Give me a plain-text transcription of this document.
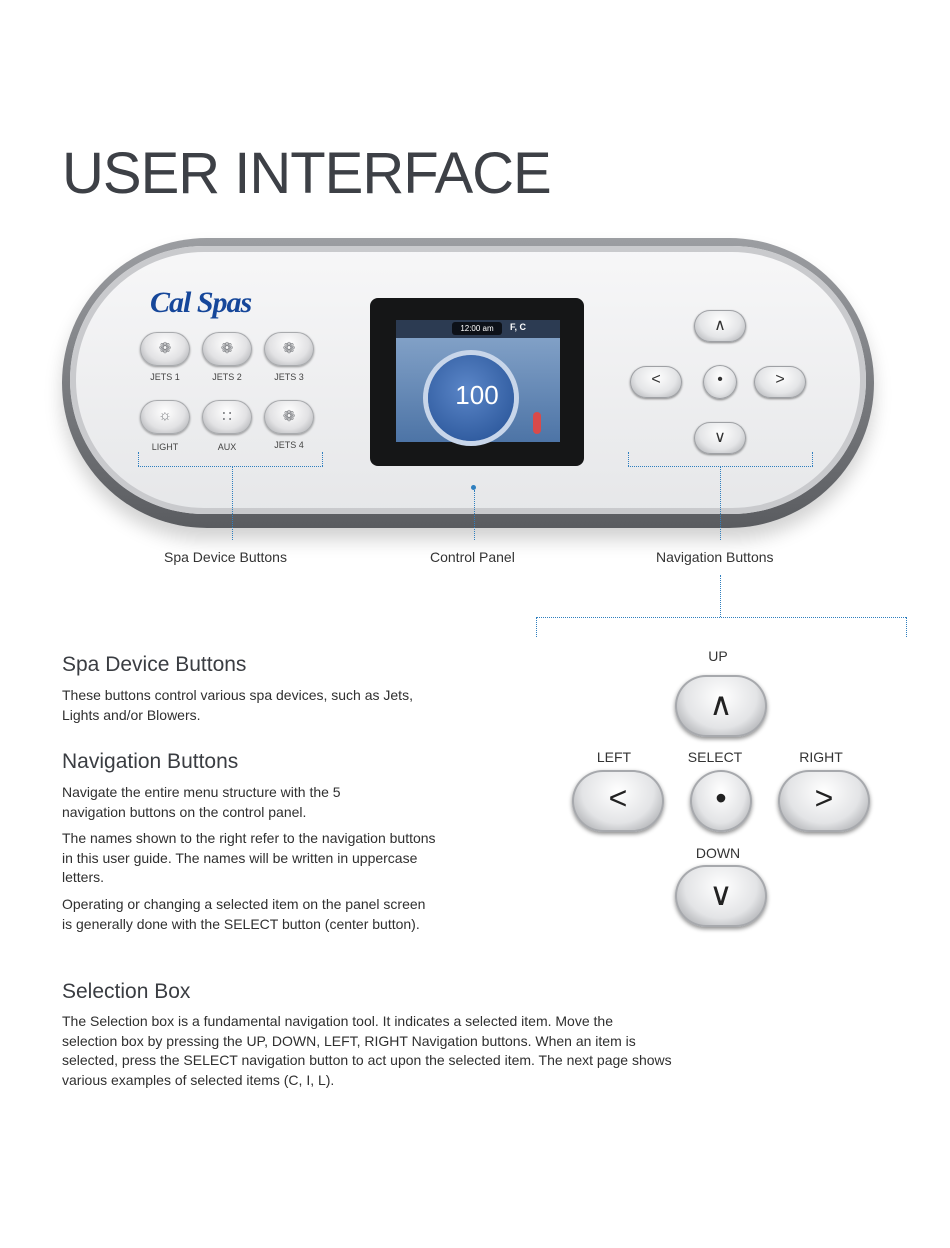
USER INTERFACE
Cal Spas
❁
JETS 1
❁
JETS 2
❁
JETS 3
☼
LIGHT
∷
AUX
❁
JETS 4
12:00 am	F, C
100
∧
<	•	>
∨
Spa Device Buttons	Control Panel	Navigation Buttons
UP
∧
LEFT	SELECT	RIGHT
<	•	>
DOWN
∨
Spa Device Buttons
These buttons control various spa devices, such as Jets, Lights and/or Blowers.
Navigation Buttons
Navigate the entire menu structure with the 5 navigation buttons on the control panel.
The names shown to the right refer to the navigation buttons in this user guide. The names will be written in uppercase letters.
Operating or changing a selected item on the panel screen is generally done with the SELECT button (center button).
Selection Box
The Selection box is a fundamental navigation tool. It indicates a selected item. Move the selection box by pressing the UP, DOWN, LEFT, RIGHT Navigation buttons. When an item is selected, press the SELECT navigation button to act upon the selected item. The next page shows various examples of selected items (C, I, L).
